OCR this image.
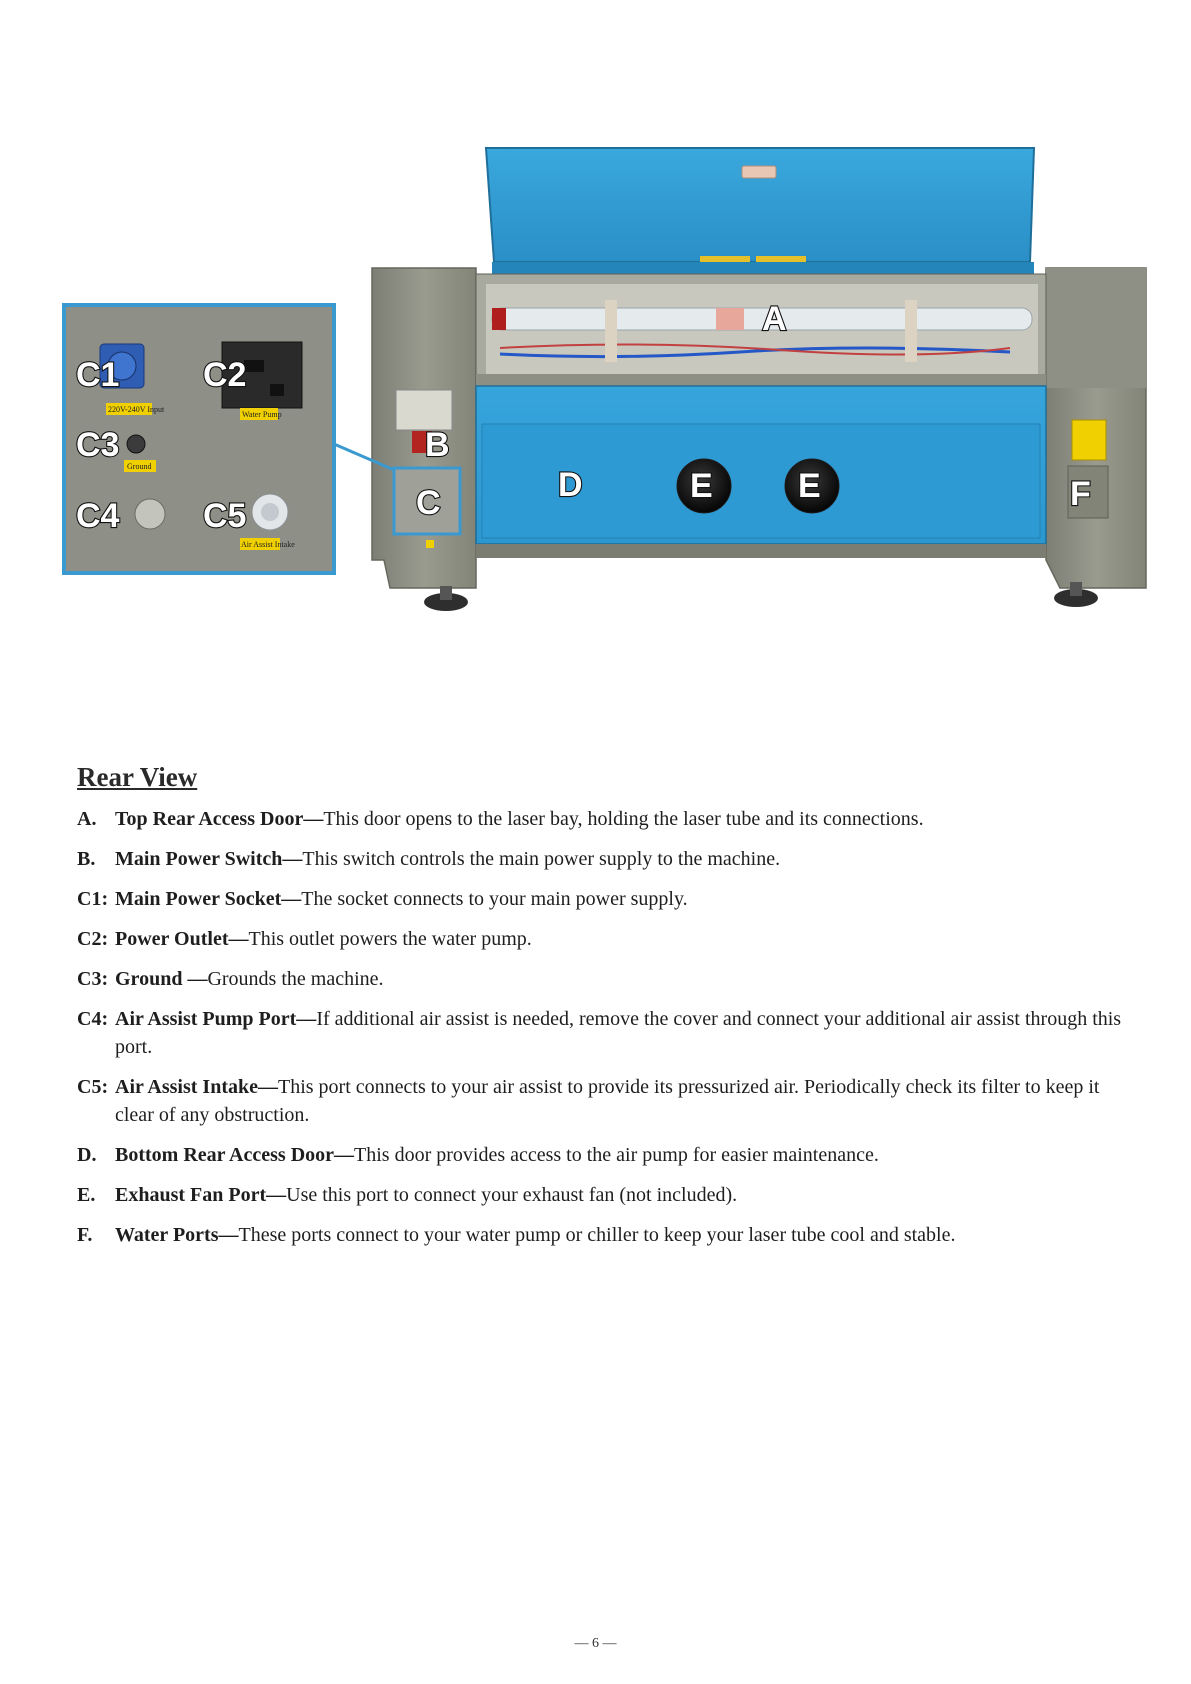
220V-240V Input
Water Pump
Ground
Air Assist Intake
A
B
C	D	E	E	F
C1 C2
C3
C4 C5
Rear View
A. Top Rear Access Door—This door opens to the laser bay, holding the laser tube and its connections.
B. Main Power Switch—This switch controls the main power supply to the machine.
C1: Main Power Socket—The socket connects to your main power supply.
C2: Power Outlet—This outlet powers the water pump.
C3: Ground —Grounds the machine.
C4: Air Assist Pump Port—If additional air assist is needed, remove the cover and connect your additional air assist through this port.
C5: Air Assist Intake—This port connects to your air assist to provide its pressurized air. Periodically check its filter to keep it clear of any obstruction.
D. Bottom Rear Access Door—This door provides access to the air pump for easier maintenance.
E. Exhaust Fan Port—Use this port to connect your exhaust fan (not included).
F. Water Ports—These ports connect to your water pump or chiller to keep your laser tube cool and stable.
— 6 —
